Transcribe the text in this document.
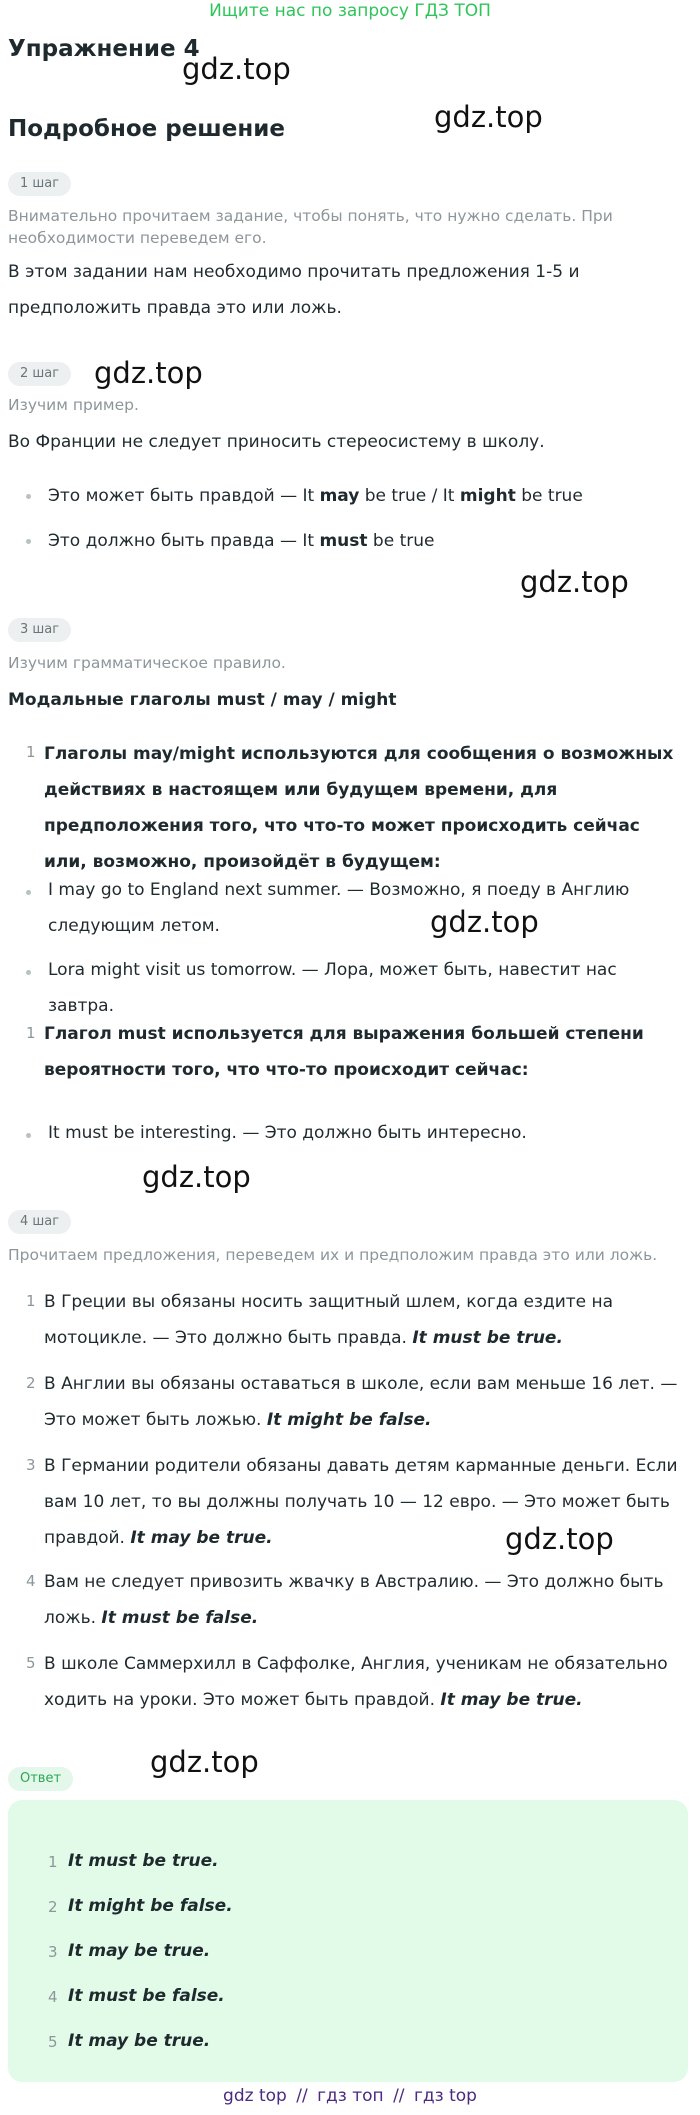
Ищите нас по запросу ГДЗ ТОП
Упражнение 4
Подробное решение
gdz.top
gdz.top
gdz.top
gdz.top
gdz.top
gdz.top
gdz.top
gdz.top
1 шаг
Внимательно прочитаем задание, чтобы понять, что нужно сделать. При необходимости переведем его.
В этом задании нам необходимо прочитать предложения 1-5 и предположить правда это или ложь.
2 шаг
Изучим пример.
Во Франции не следует приносить стереосистему в школу.
Это может быть правдой — It may be true / It might be true
Это должно быть правда — It must be true
3 шаг
Изучим грамматическое правило.
Модальные глаголы must / may / might
1 Глаголы may/might используются для сообщения о возможных действиях в настоящем или будущем времени, для предположения того, что что-то может происходить сейчас или, возможно, произойдёт в будущем:
I may go to England next summer. — Возможно, я поеду в Англию следующим летом.
Lora might visit us tomorrow. — Лора, может быть, навестит нас завтра.
1 Глагол must используется для выражения большей степени вероятности того, что что-то происходит сейчас:
It must be interesting. — Это должно быть интересно.
4 шаг
Прочитаем предложения, переведем их и предположим правда это или ложь.
1 В Греции вы обязаны носить защитный шлем, когда ездите на мотоцикле. — Это должно быть правда. It must be true.
2 В Англии вы обязаны оставаться в школе, если вам меньше 16 лет. — Это может быть ложью. It might be false.
3 В Германии родители обязаны давать детям карманные деньги. Если вам 10 лет, то вы должны получать 10 — 12 евро. — Это может быть правдой. It may be true.
4 Вам не следует привозить жвачку в Австралию. — Это должно быть ложь. It must be false.
5 В школе Саммерхилл в Саффолке, Англия, ученикам не обязательно ходить на уроки. Это может быть правдой. It may be true.
Ответ
1 It must be true.
2 It might be false.
3 It may be true.
4 It must be false.
5 It may be true.
gdz top // гдз топ // гдз top
